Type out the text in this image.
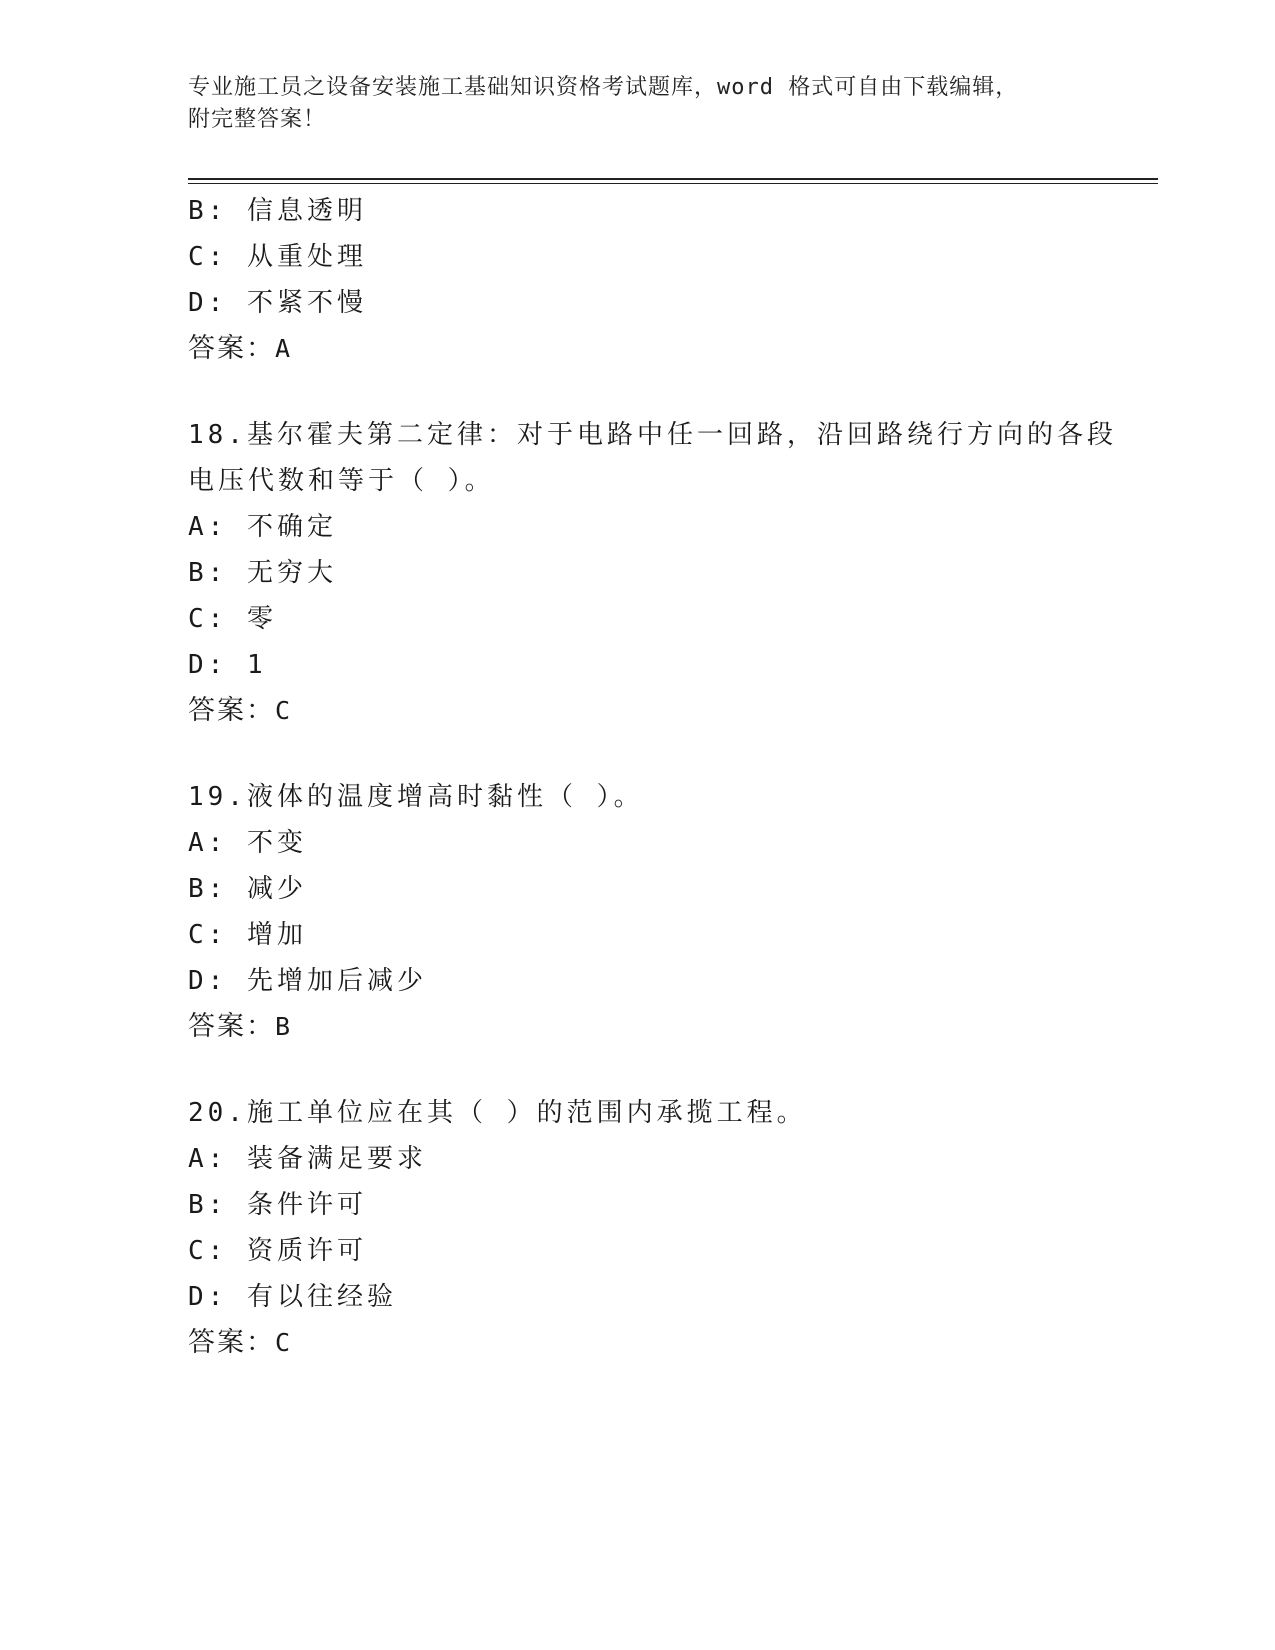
专业施工员之设备安装施工基础知识资格考试题库，word 格式可自由下载编辑，
附完整答案！
B: 信息透明
C: 从重处理
D: 不紧不慢
答案：A
18.基尔霍夫第二定律：对于电路中任一回路，沿回路绕行方向的各段
电压代数和等于（ ）。
A: 不确定
B: 无穷大
C: 零
D: 1
答案：C
19.液体的温度增高时黏性（ ）。
A: 不变
B: 减少
C: 增加
D: 先增加后减少
答案：B
20.施工单位应在其（ ）的范围内承揽工程。
A: 装备满足要求
B: 条件许可
C: 资质许可
D: 有以往经验
答案：C
